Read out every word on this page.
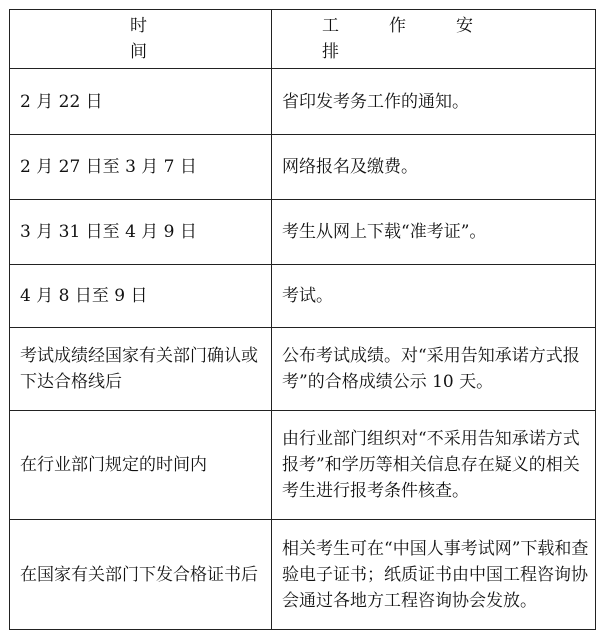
时间	工作安排
2 月 22 日	省印发考务工作的通知。
2 月 27 日至 3 月 7 日	网络报名及缴费。
3 月 31 日至 4 月 9 日	考生从网上下载“准考证”。
4 月 8 日至 9 日	考试。
考试成绩经国家有关部门确认或下达合格线后	公布考试成绩。对“采用告知承诺方式报考”的合格成绩公示 10 天。
在行业部门规定的时间内	由行业部门组织对“不采用告知承诺方式报考”和学历等相关信息存在疑义的相关考生进行报考条件核查。
在国家有关部门下发合格证书后	相关考生可在“中国人事考试网”下载和查验电子证书；纸质证书由中国工程咨询协会通过各地方工程咨询协会发放。
